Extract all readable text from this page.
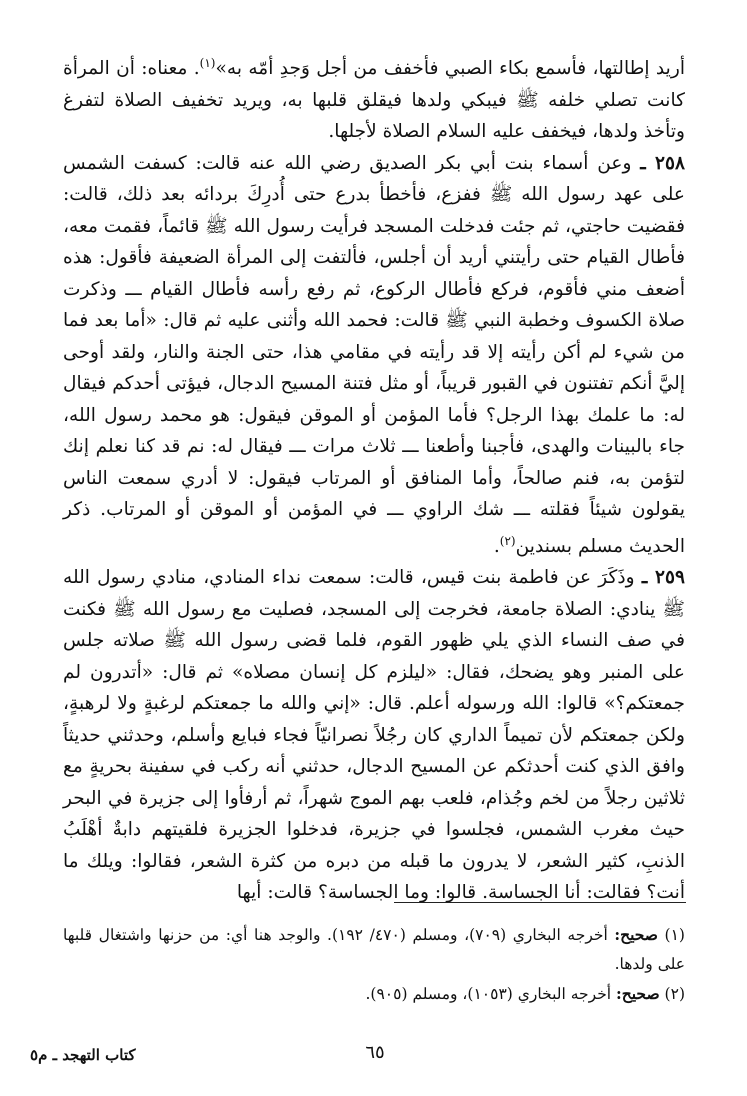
أريد إطالتها، فأسمع بكاء الصبي فأخفف من أجل وَجدِ أمّه به»$^{(١)}$. معناه: أن المرأة كانت تصلي خلفه ﷺ فيبكي ولدها فيقلق قلبها به، ويريد تخفيف الصلاة لتفرغ وتأخذ ولدها، فيخفف عليه السلام الصلاة لأجلها.

٢٥٨ ـ وعن أسماء بنت أبي بكر الصديق رضي الله عنه قالت: كسفت الشمس على عهد رسول الله ﷺ ففزع، فأخطأ بدرع حتى أُدرِكَ بردائه بعد ذلك، قالت: فقضيت حاجتي، ثم جئت فدخلت المسجد فرأيت رسول الله ﷺ قائماً، فقمت معه، فأطال القيام حتى رأيتني أريد أن أجلس، فألتفت إلى المرأة الضعيفة فأقول: هذه أضعف مني فأقوم، فركع فأطال الركوع، ثم رفع رأسه فأطال القيام ـــ وذكرت صلاة الكسوف وخطبة النبي ﷺ قالت: فحمد الله وأثنى عليه ثم قال: «أما بعد فما من شيء لم أكن رأيته إلا قد رأيته في مقامي هذا، حتى الجنة والنار، ولقد أوحى إليَّ أنكم تفتنون في القبور قريباً، أو مثل فتنة المسيح الدجال، فيؤتى أحدكم فيقال له: ما علمك بهذا الرجل؟ فأما المؤمن أو الموقن فيقول: هو محمد رسول الله، جاء بالبينات والهدى، فأجبنا وأطعنا ـــ ثلاث مرات ـــ فيقال له: نم قد كنا نعلم إنك لتؤمن به، فنم صالحاً، وأما المنافق أو المرتاب فيقول: لا أدري سمعت الناس يقولون شيئاً فقلته ـــ شك الراوي ـــ في المؤمن أو الموقن أو المرتاب. ذكر الحديث مسلم بسندين$^{(٢)}$.

٢٥٩ ـ وذَكَرَ عن فاطمة بنت قيس، قالت: سمعت نداء المنادي، منادي رسول الله ﷺ ينادي: الصلاة جامعة، فخرجت إلى المسجد، فصليت مع رسول الله ﷺ فكنت في صف النساء الذي يلي ظهور القوم، فلما قضى رسول الله ﷺ صلاته جلس على المنبر وهو يضحك، فقال: «ليلزم كل إنسان مصلاه» ثم قال: «أتدرون لم جمعتكم؟» قالوا: الله ورسوله أعلم. قال: «إني والله ما جمعتكم لرغبةٍ ولا لرهبةٍ، ولكن جمعتكم لأن تميماً الداري كان رجُلاً نصرانيّاً فجاء فبايع وأسلم، وحدثني حديثاً وافق الذي كنت أحدثكم عن المسيح الدجال، حدثني أنه ركب في سفينة بحريةٍ مع ثلاثين رجلاً من لخم وجُذام، فلعب بهم الموج شهراً، ثم أرفأوا إلى جزيرة في البحر حيث مغرب الشمس، فجلسوا في جزيرة، فدخلوا الجزيرة فلقيتهم دابةٌ أهْلَبُ الذنبِ، كثير الشعر، لا يدرون ما قبله من دبره من كثرة الشعر، فقالوا: ويلك ما أنت؟ فقالت: أنا الجساسة. قالوا: وما الجساسة؟ قالت: أيها

(١) صحيح: أخرجه البخاري (٧٠٩)، ومسلم (٤٧٠/ ١٩٢). والوجد هنا أي: من حزنها واشتغال قلبها على ولدها.

(٢) صحيح: أخرجه البخاري (١٠٥٣)، ومسلم (٩٠٥).

٦٥
كتاب التهجد ـ م٥
